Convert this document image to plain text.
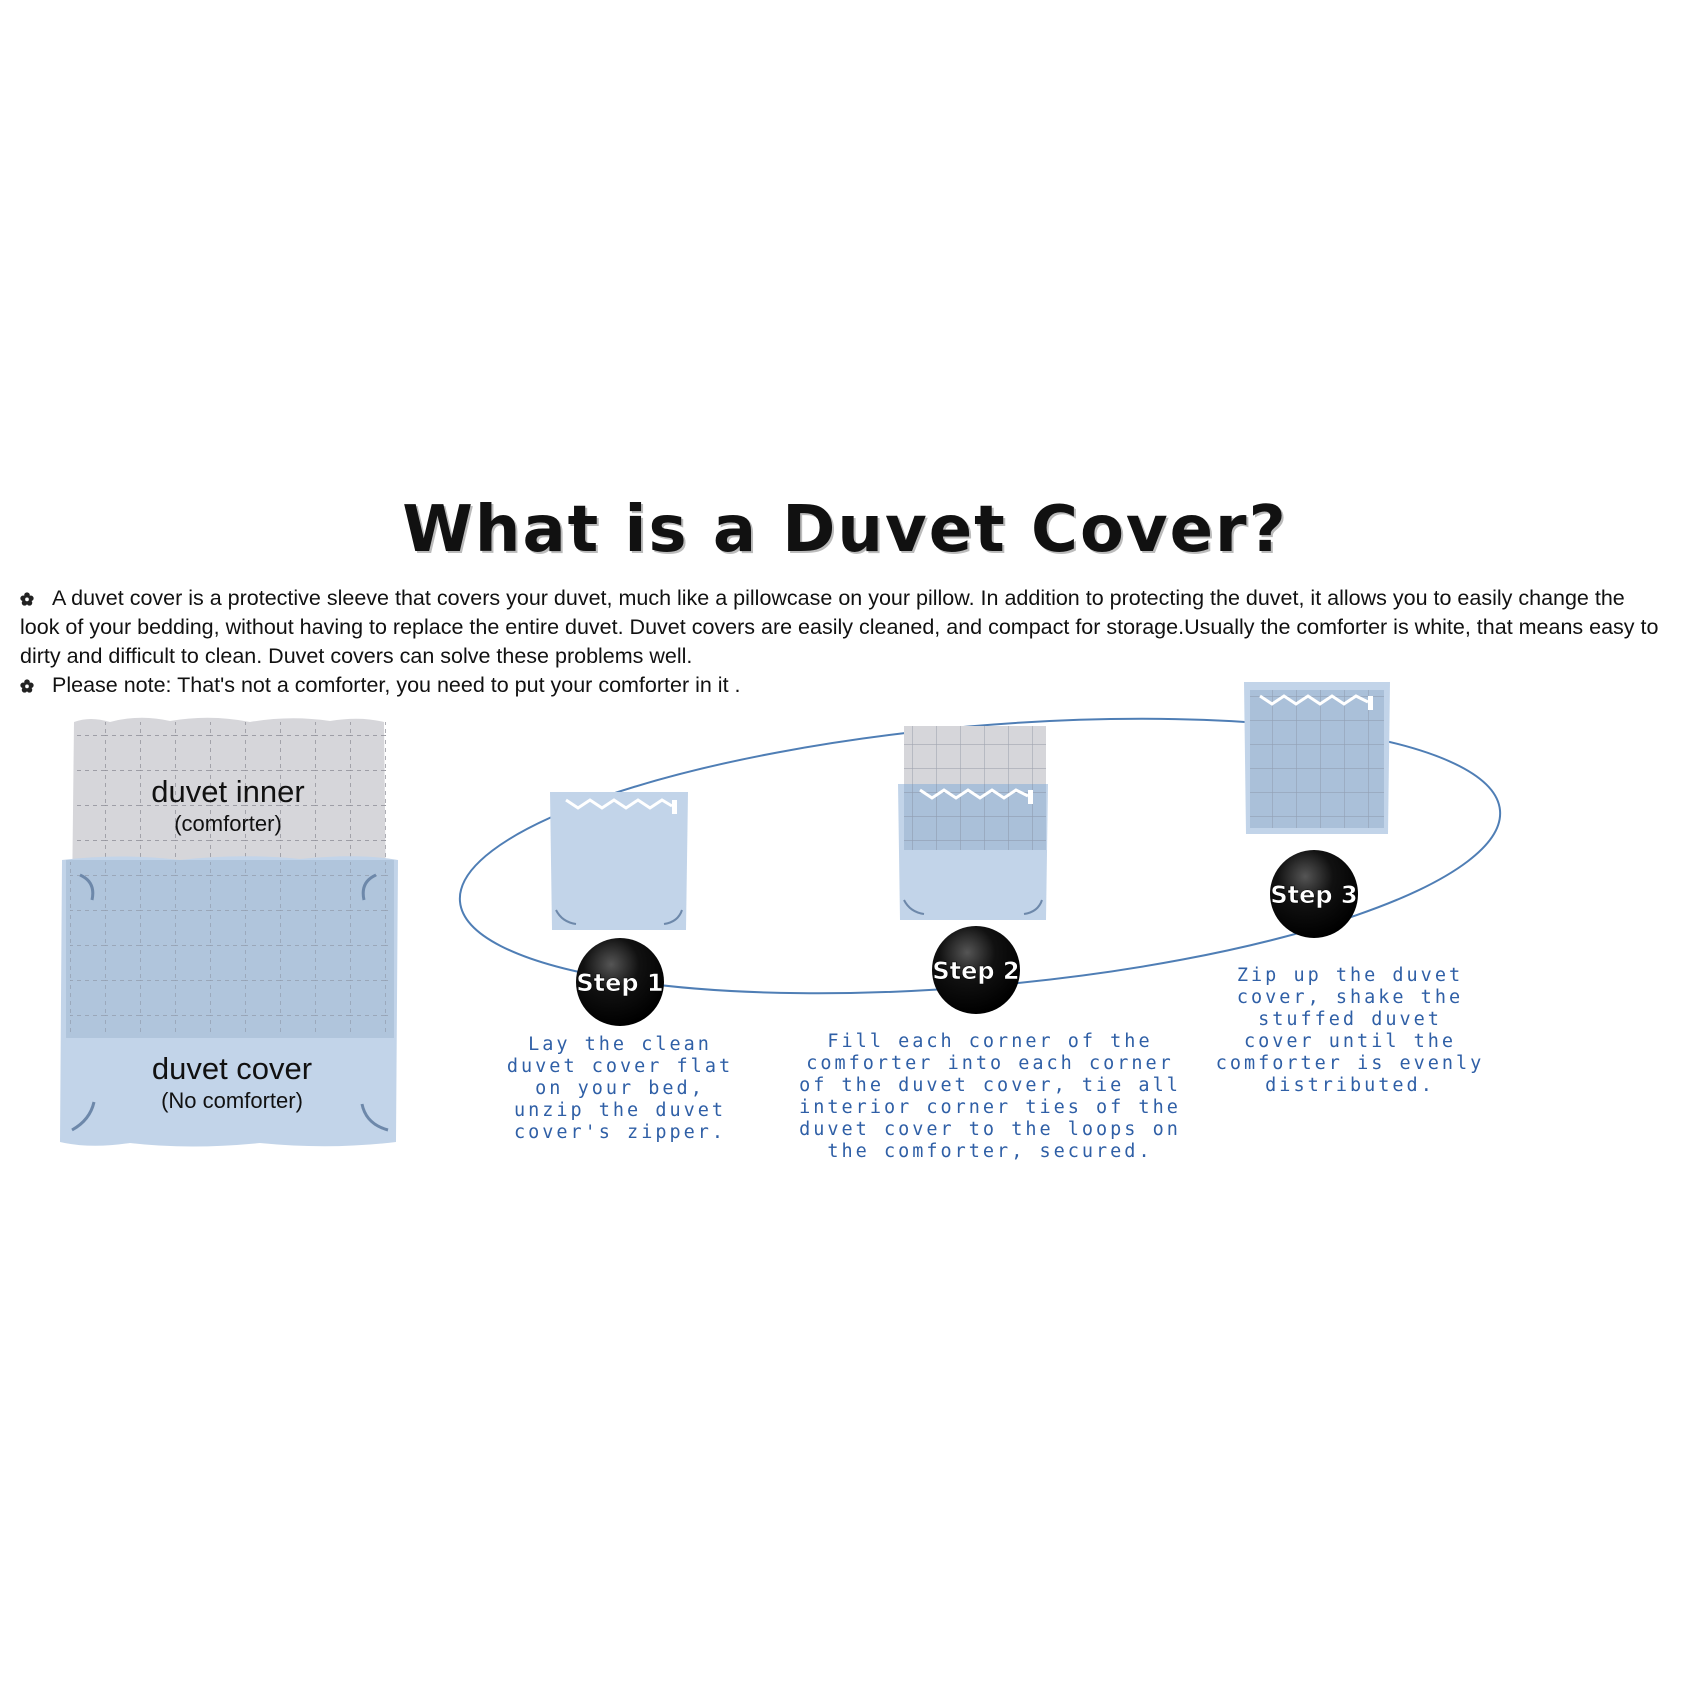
What is a Duvet Cover?

A duvet cover is a protective sleeve that covers your duvet, much like a pillowcase on your pillow. In addition to protecting the duvet, it allows you to easily change the look of your bedding, without having to replace the entire duvet. Duvet covers are easily cleaned, and compact for storage.Usually the comforter is white, that means easy to dirty and difficult to clean. Duvet covers can solve these problems well.

Please note: That's not a comforter, you need to put your comforter in it .

duvet inner
(comforter)
duvet cover
(No comforter)
Step 1	Step 2
Step 3
Lay the clean
duvet cover flat
on your bed,
unzip the duvet
cover's zipper.
Fill each corner of the
comforter into each corner
of the duvet cover, tie all
interior corner ties of the
duvet cover to the loops on
the comforter, secured.
Zip up the duvet
cover, shake the
stuffed duvet
cover until the
comforter is evenly
distributed.
